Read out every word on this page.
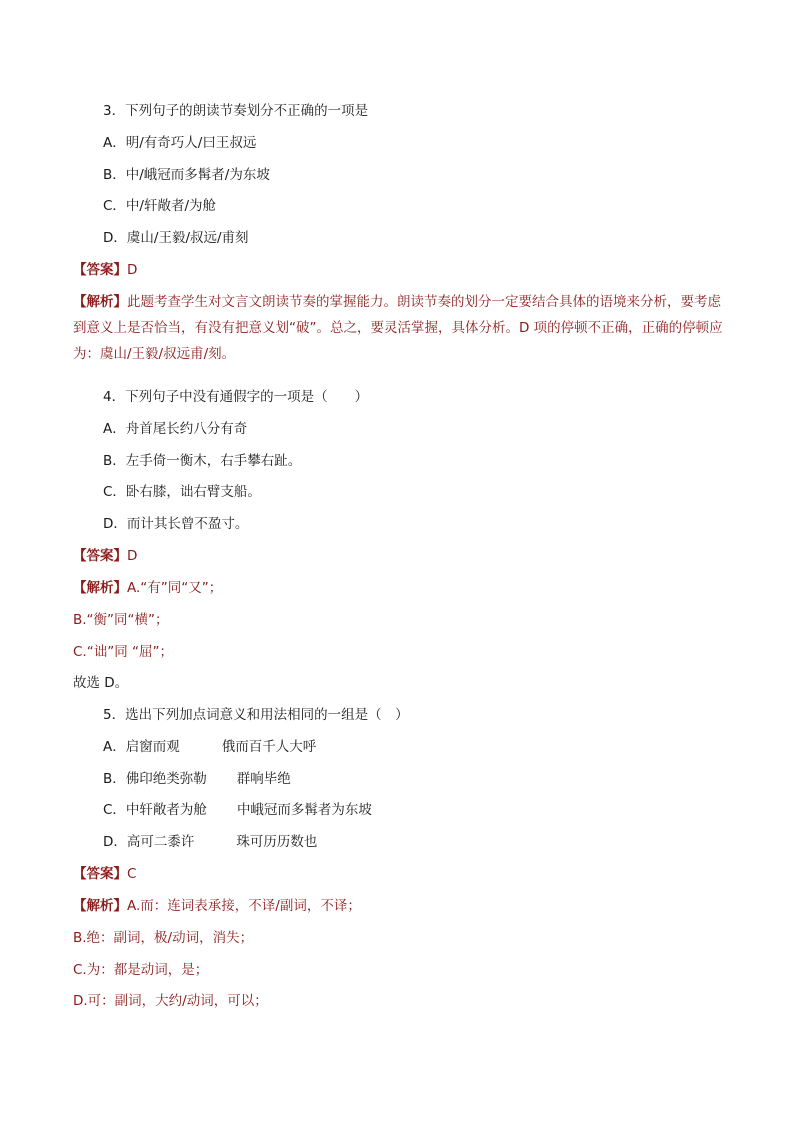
3．下列句子的朗读节奏划分不正确的一项是
A．明/有奇巧人/曰王叔远
B．中/峨冠而多髯者/为东坡
C．中/轩敞者/为舱
D．虞山/王毅/叔远/甫刻
【答案】D
【解析】此题考查学生对文言文朗读节奏的掌握能力。朗读节奏的划分一定要结合具体的语境来分析，要考虑到意义上是否恰当，有没有把意义划“破”。总之，要灵活掌握，具体分析。D 项的停顿不正确，正确的停顿应为：虞山/王毅/叔远甫/刻。
4．下列句子中没有通假字的一项是（　　）
A．舟首尾长约八分有奇
B．左手倚一衡木，右手攀右趾。
C．卧右膝，诎右臂支船。
D．而计其长曾不盈寸。
【答案】D
【解析】A.“有”同“又”；
B.“衡”同“横”；
C.“诎”同 “屈”；
故选 D。
5．选出下列加点词意义和用法相同的一组是（　）
A．启窗而观	俄而百千人大呼
B．佛印绝类弥勒 群响毕绝
C．中轩敞者为舱 中峨冠而多髯者为东坡
D．高可二黍许	珠可历历数也
【答案】C
【解析】A.而：连词表承接，不译/副词，不译；
B.绝：副词，极/动词，消失；
C.为：都是动词，是；
D.可：副词，大约/动词，可以；
